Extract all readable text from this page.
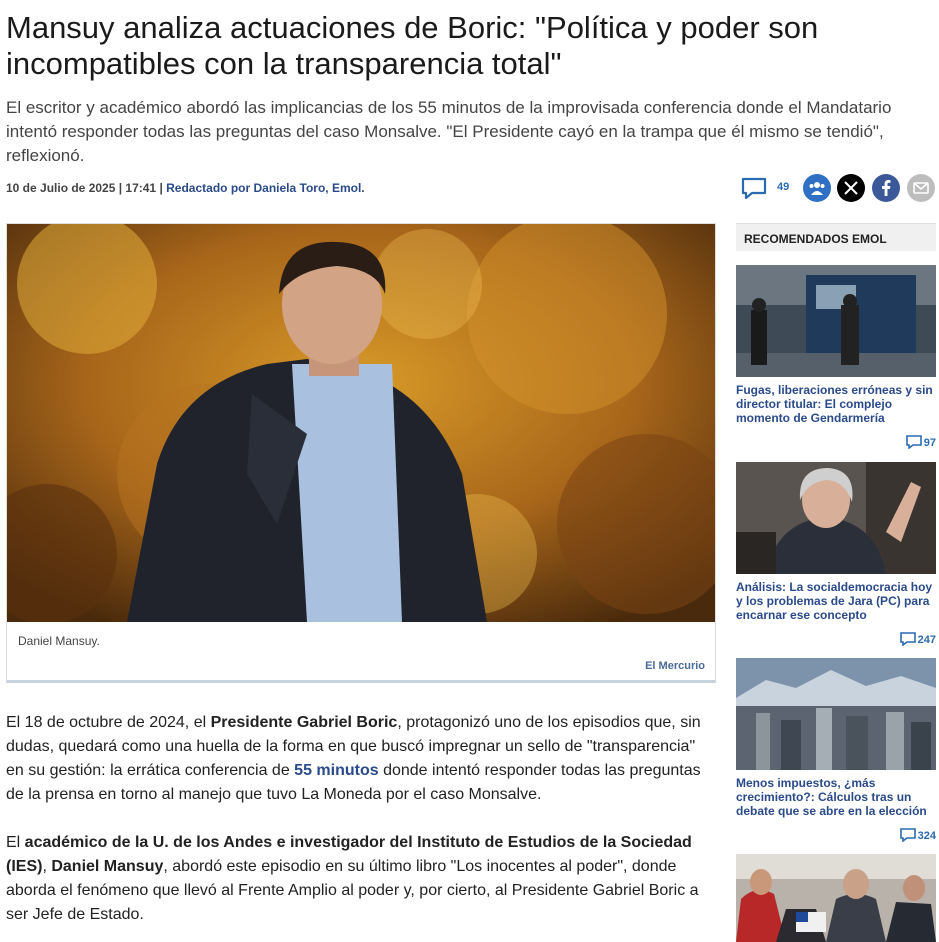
Mansuy analiza actuaciones de Boric: "Política y poder son incompatibles con la transparencia total"

El escritor y académico abordó las implicancias de los 55 minutos de la improvisada conferencia donde el Mandatario intentó responder todas las preguntas del caso Monsalve. "El Presidente cayó en la trampa que él mismo se tendió", reflexionó.

10 de Julio de 2025 | 17:41 | Redactado por Daniela Toro, Emol.	49
Daniel Mansuy.
El Mercurio

El 18 de octubre de 2024, el Presidente Gabriel Boric, protagonizó uno de los episodios que, sin dudas, quedará como una huella de la forma en que buscó impregnar un sello de "transparencia" en su gestión: la errática conferencia de 55 minutos donde intentó responder todas las preguntas de la prensa en torno al manejo que tuvo La Moneda por el caso Monsalve.

El académico de la U. de los Andes e investigador del Instituto de Estudios de la Sociedad (IES), Daniel Mansuy, abordó este episodio en su último libro "Los inocentes al poder", donde aborda el fenómeno que llevó al Frente Amplio al poder y, por cierto, al Presidente Gabriel Boric a ser Jefe de Estado.

RECOMENDADOS EMOL
Fugas, liberaciones erróneas y sin director titular: El complejo momento de Gendarmería
97
Análisis: La socialdemocracia hoy y los problemas de Jara (PC) para encarnar ese concepto
247
Menos impuestos, ¿más crecimiento?: Cálculos tras un debate que se abre en la elección
324
